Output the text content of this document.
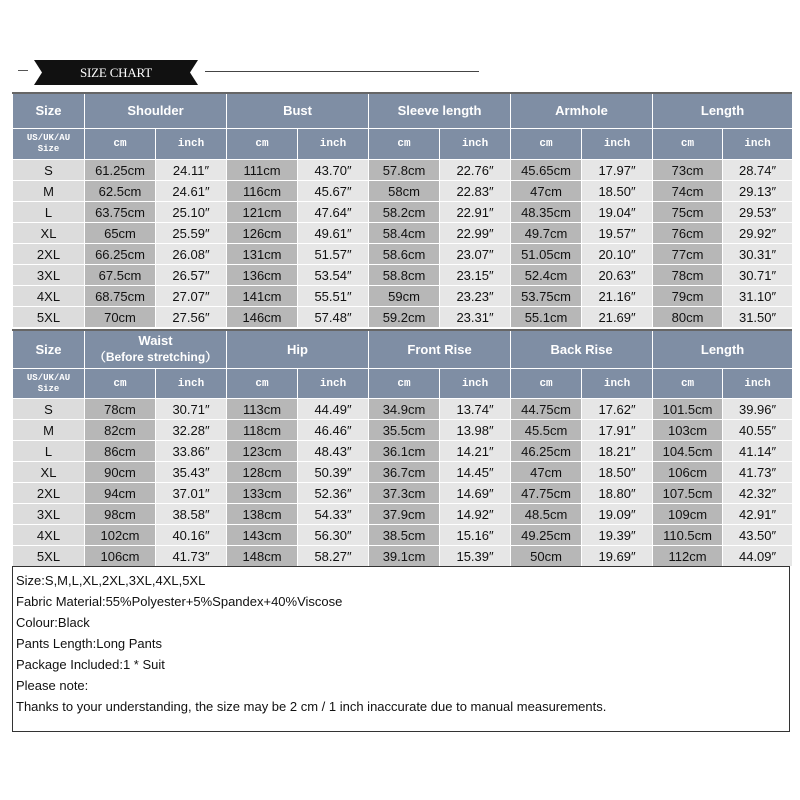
SIZE CHART
Size	Shoulder		Bust		Sleeve length		Armhole		Length	

US/UK/AU
Size	cm	inch	cm	inch	cm	inch	cm	inch	cm	inch
S	61.25cm	24.11″	111cm	43.70″	57.8cm	22.76″	45.65cm	17.97″	73cm	28.74″
M	62.5cm	24.61″	116cm	45.67″	58cm	22.83″	47cm	18.50″	74cm	29.13″
L	63.75cm	25.10″	121cm	47.64″	58.2cm	22.91″	48.35cm	19.04″	75cm	29.53″
XL	65cm	25.59″	126cm	49.61″	58.4cm	22.99″	49.7cm	19.57″	76cm	29.92″
2XL	66.25cm	26.08″	131cm	51.57″	58.6cm	23.07″	51.05cm	20.10″	77cm	30.31″
3XL	67.5cm	26.57″	136cm	53.54″	58.8cm	23.15″	52.4cm	20.63″	78cm	30.71″
4XL	68.75cm	27.07″	141cm	55.51″	59cm	23.23″	53.75cm	21.16″	79cm	31.10″
5XL	70cm	27.56″	146cm	57.48″	59.2cm	23.31″	55.1cm	21.69″	80cm	31.50″
Size	Waist
（Before stretching）		Hip		Front Rise		Back Rise		Length	

US/UK/AU
Size	cm	inch	cm	inch	cm	inch	cm	inch	cm	inch
S	78cm	30.71″	113cm	44.49″	34.9cm	13.74″	44.75cm	17.62″	101.5cm	39.96″
M	82cm	32.28″	118cm	46.46″	35.5cm	13.98″	45.5cm	17.91″	103cm	40.55″
L	86cm	33.86″	123cm	48.43″	36.1cm	14.21″	46.25cm	18.21″	104.5cm	41.14″
XL	90cm	35.43″	128cm	50.39″	36.7cm	14.45″	47cm	18.50″	106cm	41.73″
2XL	94cm	37.01″	133cm	52.36″	37.3cm	14.69″	47.75cm	18.80″	107.5cm	42.32″
3XL	98cm	38.58″	138cm	54.33″	37.9cm	14.92″	48.5cm	19.09″	109cm	42.91″
4XL	102cm	40.16″	143cm	56.30″	38.5cm	15.16″	49.25cm	19.39″	110.5cm	43.50″
5XL	106cm	41.73″	148cm	58.27″	39.1cm	15.39″	50cm	19.69″	112cm	44.09″
Size:S,M,L,XL,2XL,3XL,4XL,5XL
Fabric Material:55%Polyester+5%Spandex+40%Viscose
Colour:Black
Pants Length:Long Pants
Package Included:1 * Suit
Please note:
Thanks to your understanding, the size may be 2 cm / 1 inch inaccurate due to manual measurements.
